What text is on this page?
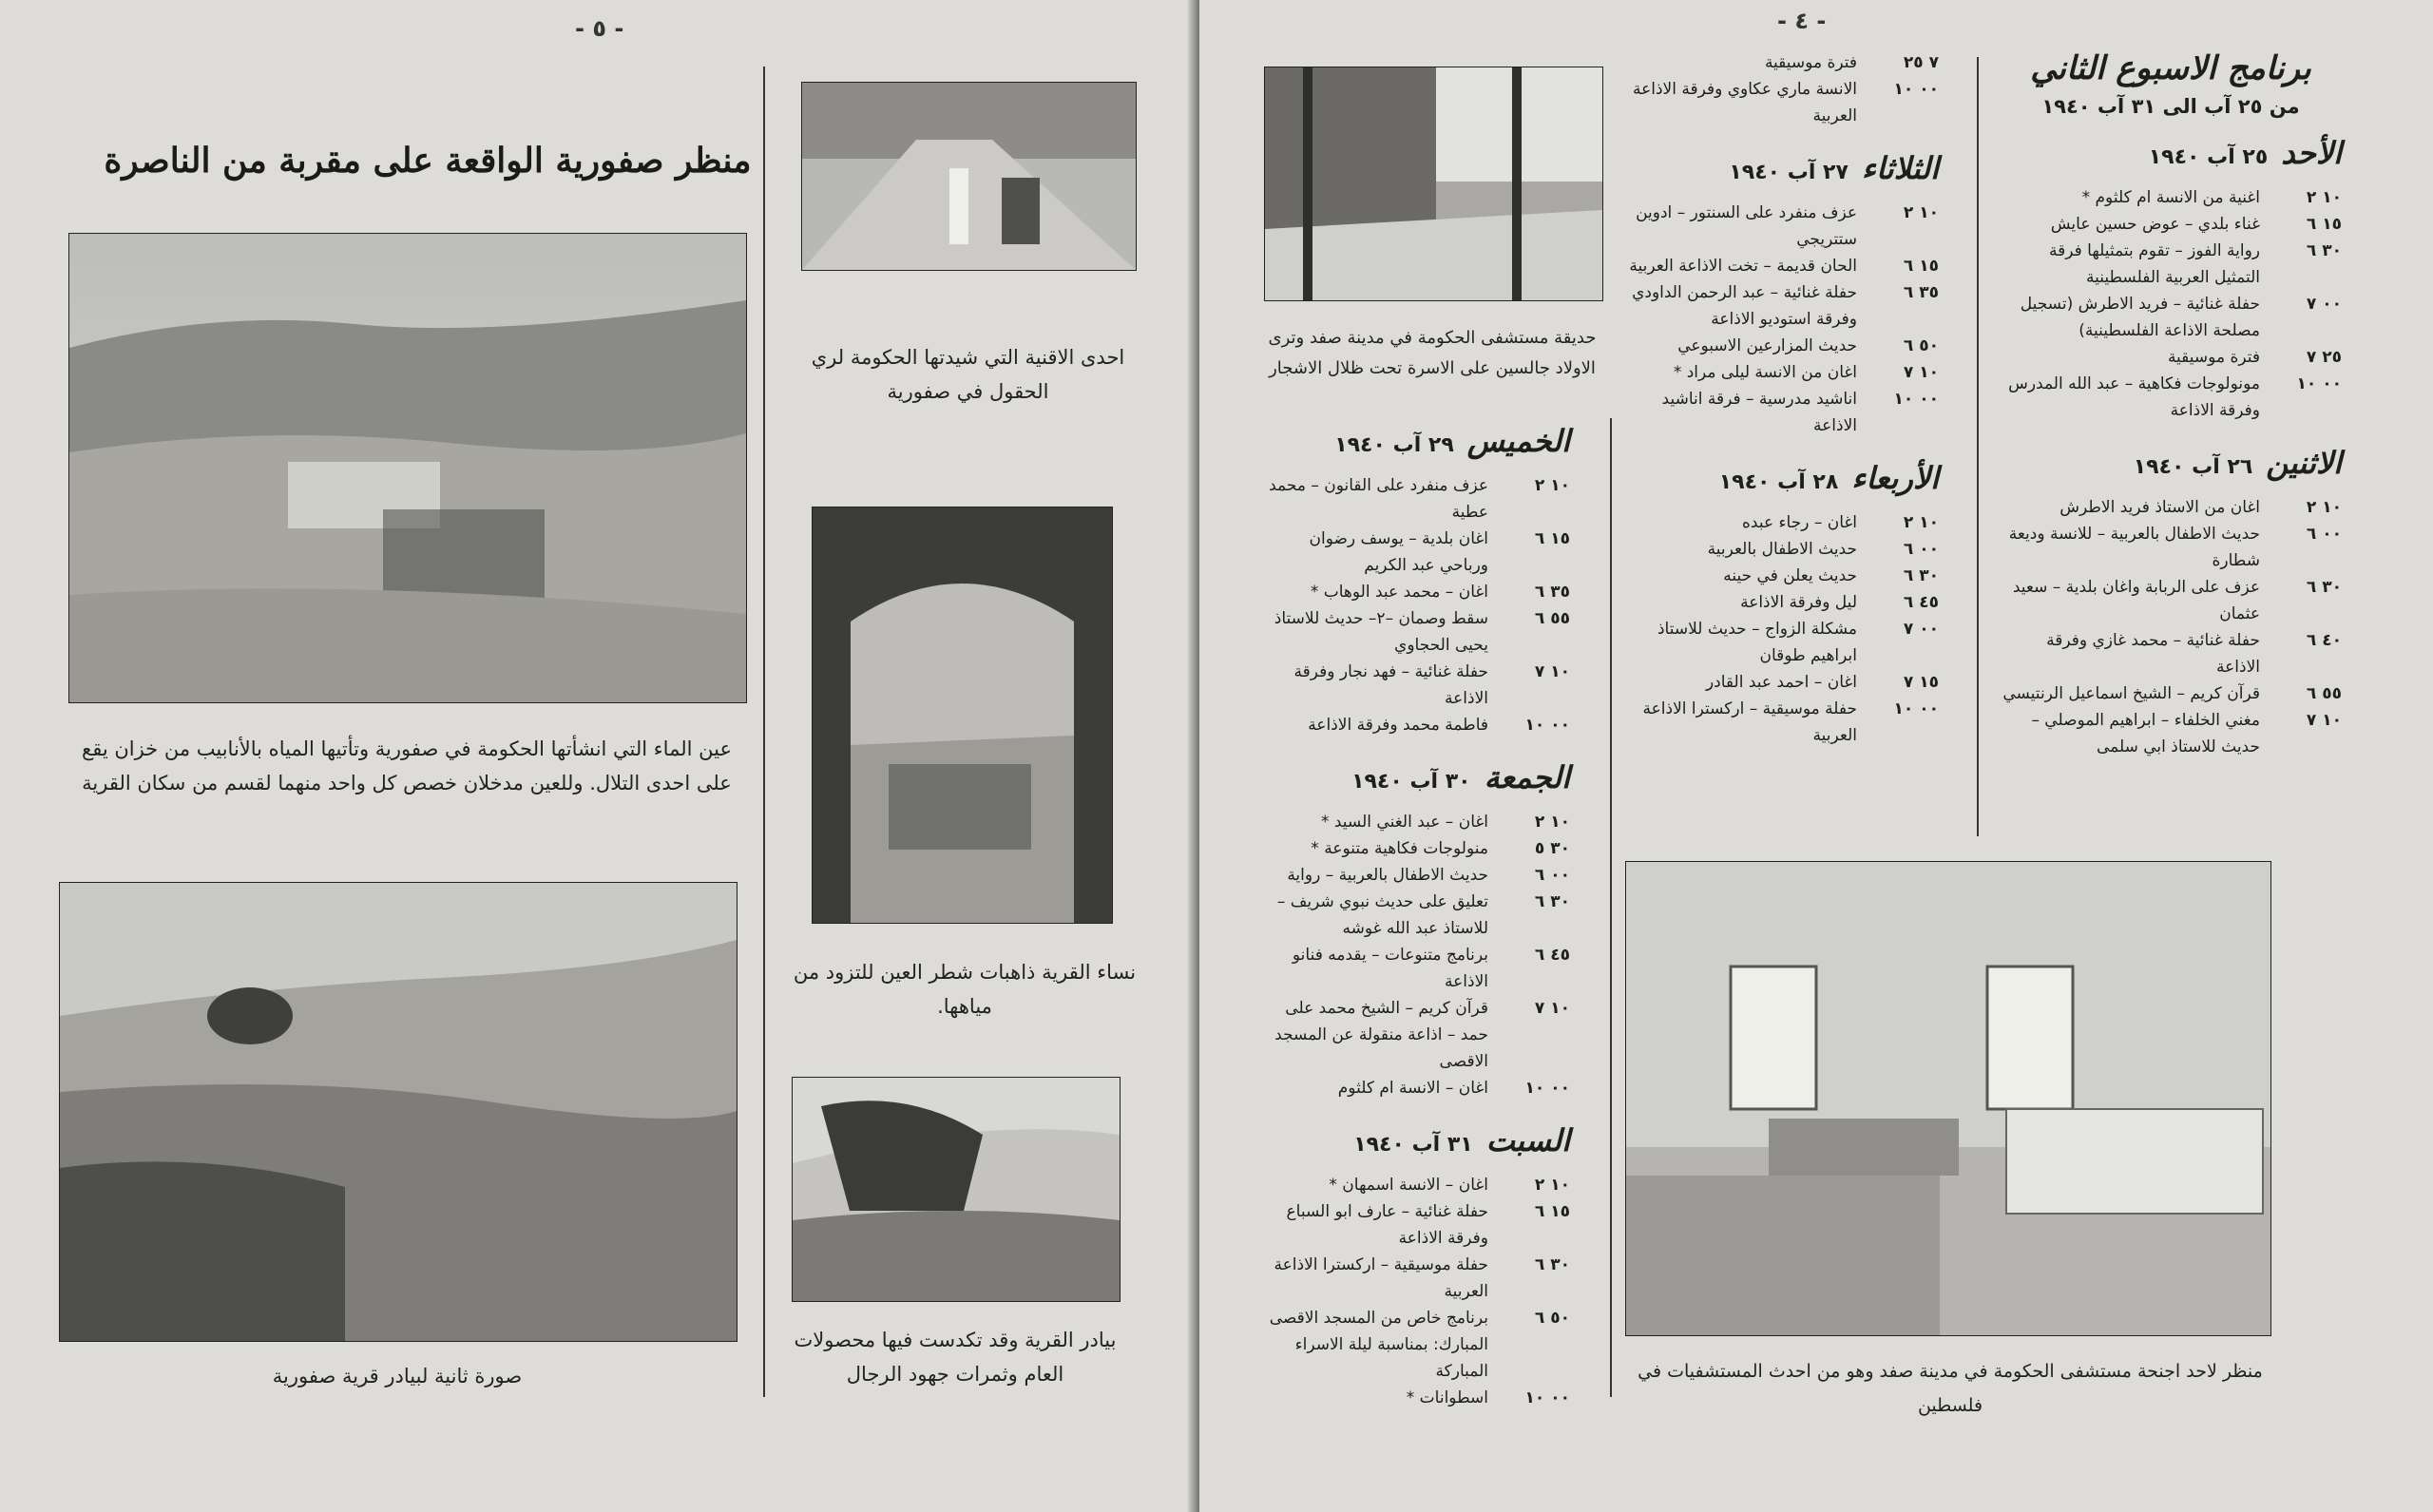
- ٥ -
منظر صفورية الواقعة على مقربة من الناصرة
عين الماء التي انشأتها الحكومة في صفورية وتأتيها المياه بالأنابيب من خزان يقع على احدى التلال. وللعين مدخلان خصص كل واحد منهما لقسم من سكان القرية
صورة ثانية لبيادر قرية صفورية
احدى الاقنية التي شيدتها الحكومة لري الحقول في صفورية
نساء القرية ذاهبات شطر العين للتزود من مياهها.
بيادر القرية وقد تكدست فيها محصولات العام وثمرات جهود الرجال
- ٤ -
حديقة مستشفى الحكومة في مدينة صفد وترى الاولاد جالسين على الاسرة تحت ظلال الاشجار
الخميس
٢٩ آب ١٩٤٠
١٠ ٢
عزف منفرد على القانون – محمد عطية
١٥ ٦
اغان بلدية – يوسف رضوان ورباحي عبد الكريم
٣٥ ٦
اغان – محمد عبد الوهاب *
٥٥ ٦
سقط وصمان –٢– حديث للاستاذ يحيى الحجاوي
١٠ ٧
حفلة غنائية – فهد نجار وفرقة الاذاعة
٠٠ ١٠
فاطمة محمد وفرقة الاذاعة
الجمعة
٣٠ آب ١٩٤٠
١٠ ٢
اغان – عبد الغني السيد *
٣٠ ٥
منولوجات فكاهية متنوعة *
٠٠ ٦
حديث الاطفال بالعربية – رواية
٣٠ ٦
تعليق على حديث نبوي شريف – للاستاذ عبد الله غوشه
٤٥ ٦
برنامج متنوعات – يقدمه فنانو الاذاعة
١٠ ٧
قرآن كريم – الشيخ محمد على حمد – اذاعة منقولة عن المسجد الاقصى
٠٠ ١٠
اغان – الانسة ام كلثوم
السبت
٣١ آب ١٩٤٠
١٠ ٢
اغان – الانسة اسمهان *
١٥ ٦
حفلة غنائية – عارف ابو السباع وفرقة الاذاعة
٣٠ ٦
حفلة موسيقية – اركسترا الاذاعة العربية
٥٠ ٦
برنامج خاص من المسجد الاقصى المبارك: بمناسبة ليلة الاسراء المباركة
٠٠ ١٠
اسطوانات *
٧ ٢٥
فترة موسيقية
٠٠ ١٠
الانسة ماري عكاوي وفرقة الاذاعة العربية
الثلاثاء
٢٧ آب ١٩٤٠
١٠ ٢
عزف منفرد على السنتور – ادوين ستتريجي
١٥ ٦
الحان قديمة – تخت الاذاعة العربية
٣٥ ٦
حفلة غنائية – عبد الرحمن الداودي وفرقة استوديو الاذاعة
٥٠ ٦
حديث المزارعين الاسبوعي
١٠ ٧
اغان من الانسة ليلى مراد *
٠٠ ١٠
اناشيد مدرسية – فرقة اناشيد الاذاعة
الأربعاء
٢٨ آب ١٩٤٠
١٠ ٢
اغان – رجاء عبده
٠٠ ٦
حديث الاطفال بالعربية
٣٠ ٦
حديث يعلن في حينه
٤٥ ٦
ليل وفرقة الاذاعة
٠٠ ٧
مشكلة الزواج – حديث للاستاذ ابراهيم طوقان
١٥ ٧
اغان – احمد عبد القادر
٠٠ ١٠
حفلة موسيقية – اركسترا الاذاعة العربية
برنامج الاسبوع الثاني
من ٢٥ آب الى ٣١ آب ١٩٤٠
الأحد
٢٥ آب ١٩٤٠
١٠ ٢
اغنية من الانسة ام كلثوم *
١٥ ٦
غناء بلدي – عوض حسين عايش
٣٠ ٦
رواية الفوز – تقوم بتمثيلها فرقة التمثيل العربية الفلسطينية
٠٠ ٧
حفلة غنائية – فريد الاطرش (تسجيل مصلحة الاذاعة الفلسطينية)
٢٥ ٧
فترة موسيقية
٠٠ ١٠
مونولوجات فكاهية – عبد الله المدرس وفرقة الاذاعة
الاثنين
٢٦ آب ١٩٤٠
١٠ ٢
اغان من الاستاذ فريد الاطرش
٠٠ ٦
حديث الاطفال بالعربية – للانسة وديعة شطارة
٣٠ ٦
عزف على الربابة واغان بلدية – سعيد عثمان
٤٠ ٦
حفلة غنائية – محمد غازي وفرقة الاذاعة
٥٥ ٦
قرآن كريم – الشيخ اسماعيل الرنتيسي
١٠ ٧
مغني الخلفاء – ابراهيم الموصلي – حديث للاستاذ ابي سلمى
منظر لاحد اجنحة مستشفى الحكومة في مدينة صفد وهو من احدث المستشفيات في فلسطين
